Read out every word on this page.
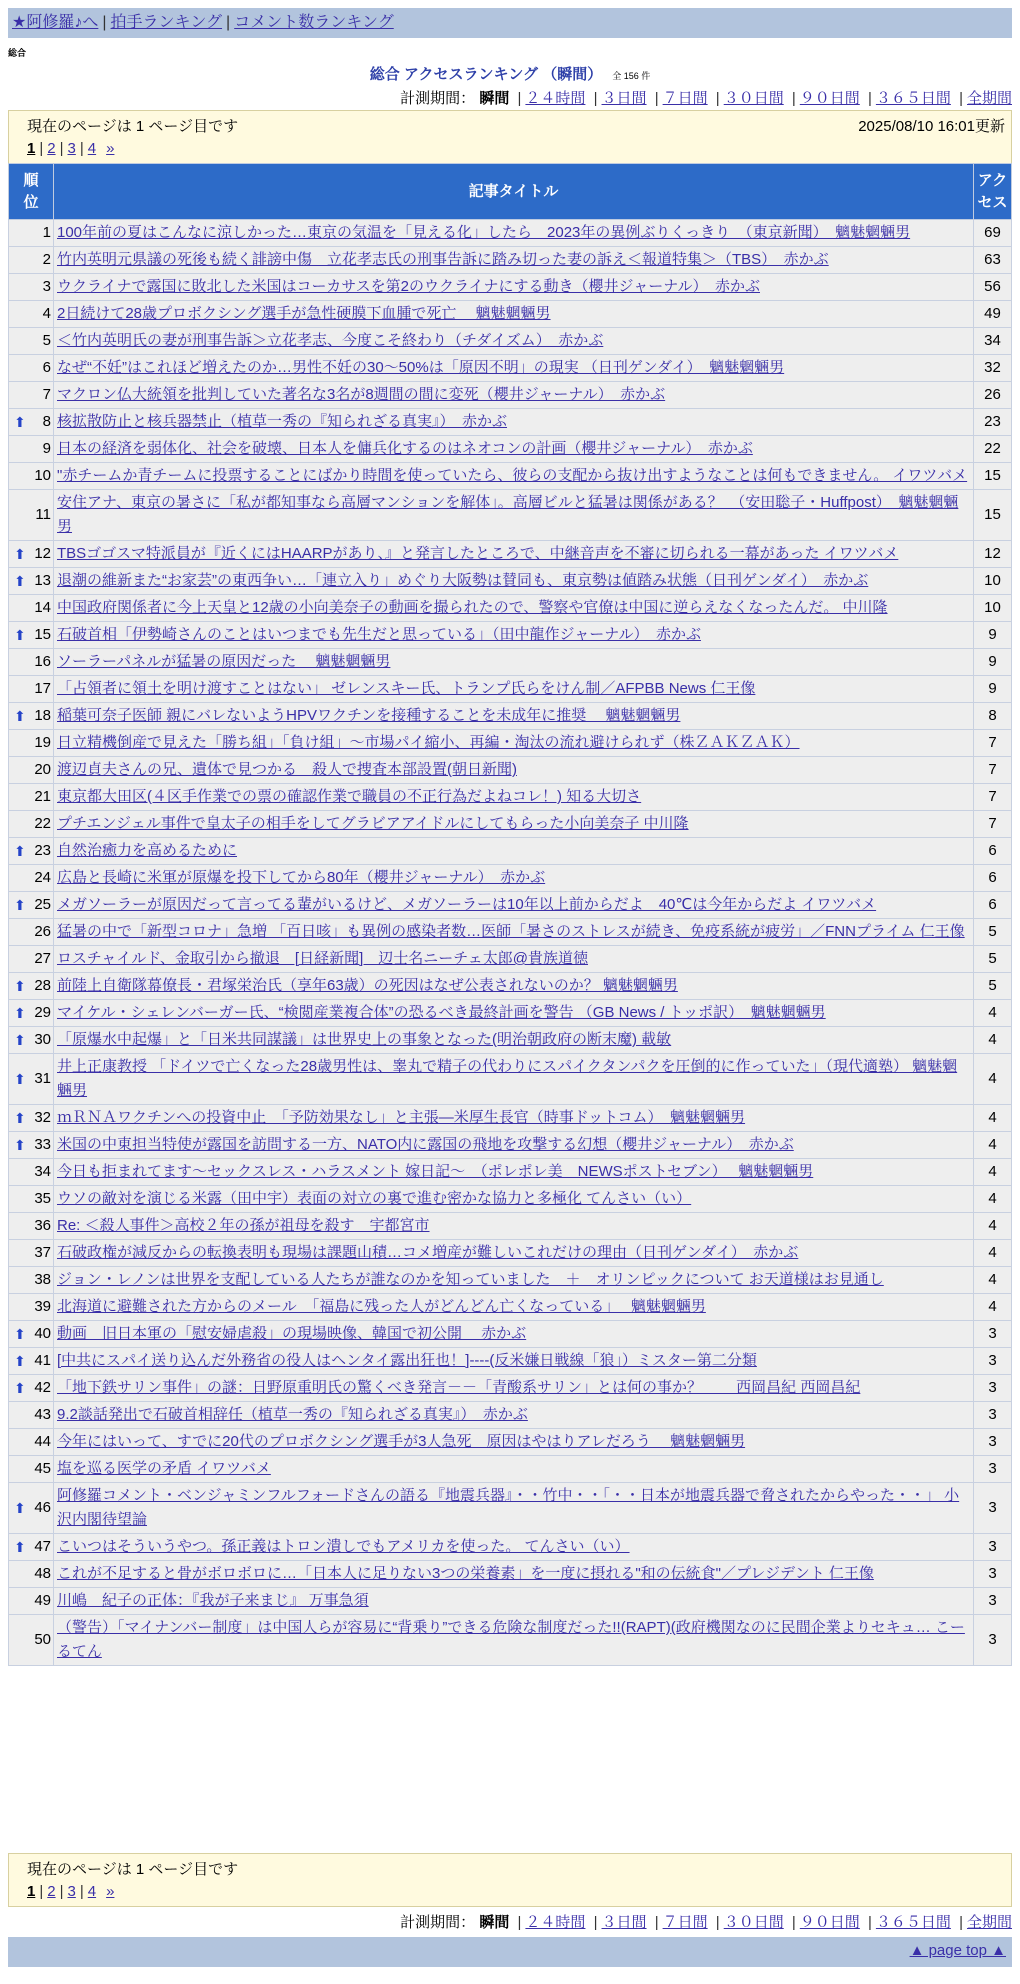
★阿修羅♪へ | 拍手ランキング | コメント数ランキング
総合
総合 アクセスランキング （瞬間） 全 156 件
計測期間： 瞬間 | ２４時間 | ３日間 | ７日間 | ３０日間 | ９０日間 | ３６５日間 | 全期間
現在のページは 1 ページ目です	2025/08/10 16:01更新
1 | 2 | 3 | 4 »
順位	記事タイトル	アクセス
1	100年前の夏はこんなに涼しかった…東京の気温を「見える化」したら　2023年の異例ぶりくっきり　（東京新聞）　魑魅魍魎男	69
2	竹内英明元県議の死後も続く誹謗中傷　立花孝志氏の刑事告訴に踏み切った妻の訴え＜報道特集＞（TBS）　赤かぶ	63
3	ウクライナで露国に敗北した米国はコーカサスを第2のウクライナにする動き（櫻井ジャーナル）　赤かぶ	56
4	2日続けて28歳プロボクシング選手が急性硬膜下血腫で死亡　 魑魅魍魎男	49
5	＜竹内英明氏の妻が刑事告訴＞立花孝志、今度こそ終わり（チダイズム）　赤かぶ	34
6	なぜ“不妊”はこれほど増えたのか…男性不妊の30～50%は「原因不明」の現実 （日刊ゲンダイ）　魑魅魍魎男	32
7	マクロン仏大統領を批判していた著名な3名が8週間の間に変死（櫻井ジャーナル）　赤かぶ	26

⬆ 8	核拡散防止と核兵器禁止（植草一秀の『知られざる真実』）　赤かぶ	23
9	日本の経済を弱体化、社会を破壊、日本人を傭兵化するのはネオコンの計画（櫻井ジャーナル）　赤かぶ	22
10	"赤チームか青チームに投票することにばかり時間を使っていたら、彼らの支配から抜け出すようなことは何もできません。 イワツバメ	15
11	安住アナ、東京の暑さに「私が都知事なら高層マンションを解体」。高層ビルと猛暑は関係がある？　（安田聡子・Huffpost）　魑魅魍魎男	15

⬆ 12	TBSゴゴスマ特派員が『近くにはHAARPがあり、』と発言したところで、中継音声を不審に切られる一幕があった イワツバメ	12

⬆ 13	退潮の維新また“お家芸”の東西争い…「連立入り」めぐり大阪勢は賛同も、東京勢は値踏み状態（日刊ゲンダイ）　赤かぶ	10
14	中国政府関係者に今上天皇と12歳の小向美奈子の動画を撮られたので、警察や官僚は中国に逆らえなくなったんだ。 中川隆	10

⬆ 15	石破首相「伊勢崎さんのことはいつまでも先生だと思っている」（田中龍作ジャーナル）　赤かぶ	9
16	ソーラーパネルが猛暑の原因だった　 魑魅魍魎男	9
17	「占領者に領土を明け渡すことはない」 ゼレンスキー氏、トランプ氏らをけん制／AFPBB News 仁王像	9

⬆ 18	稲葉可奈子医師 親にバレないようHPVワクチンを接種することを未成年に推奨　 魑魅魍魎男	8
19	日立精機倒産で見えた「勝ち組」「負け組」～市場パイ縮小、再編・淘汰の流れ避けられず（株ＺＡＫＺＡＫ）	7
20	渡辺貞夫さんの兄、遺体で見つかる　殺人で捜査本部設置(朝日新聞)	7
21	東京都大田区(４区手作業での票の確認作業で職員の不正行為だよねコレ！) 知る大切さ	7
22	プチエンジェル事件で皇太子の相手をしてグラビアアイドルにしてもらった小向美奈子 中川隆	7

⬆ 23	自然治癒力を高めるために	6
24	広島と長崎に米軍が原爆を投下してから80年（櫻井ジャーナル）　赤かぶ	6

⬆ 25	メガソーラーが原因だって言ってる輩がいるけど、メガソーラーは10年以上前からだよ　40℃は今年からだよ イワツバメ	6
26	猛暑の中で「新型コロナ」急増 「百日咳」も異例の感染者数…医師「暑さのストレスが続き、免疫系統が疲労」／FNNプライム 仁王像	5
27	ロスチャイルド、金取引から撤退　[日経新聞]　辺士名ニーチェ太郎@貴族道徳	5

⬆ 28	前陸上自衛隊幕僚長・君塚栄治氏（享年63歳）の死因はなぜ公表されないのか？ 魑魅魍魎男	5

⬆ 29	マイケル・シェレンバーガー氏、“検閲産業複合体”の恐るべき最終計画を警告 （GB News / トッポ訳）　魑魅魍魎男	4

⬆ 30	「原爆水中起爆」と「日米共同謀議」は世界史上の事象となった(明治朝政府の断末魔) 載敏	4

⬆ 31	井上正康教授 「ドイツで亡くなった28歳男性は、睾丸で精子の代わりにスパイクタンパクを圧倒的に作っていた」（現代適塾） 魑魅魍魎男	4

⬆ 32	ｍＲＮＡワクチンへの投資中止　「予防効果なし」と主張―米厚生長官（時事ドットコム）　魑魅魍魎男	4

⬆ 33	米国の中東担当特使が露国を訪問する一方、NATO内に露国の飛地を攻撃する幻想（櫻井ジャーナル）　赤かぶ	4
34	今日も拒まれてます～セックスレス・ハラスメント 嫁日記～　（ポレポレ美　NEWSポストセブン）　 魑魅魍魎男	4
35	ウソの敵対を演じる米露（田中宇）表面の対立の裏で進む密かな協力と多極化 てんさい（い）	4
36	Re: ＜殺人事件＞高校２年の孫が祖母を殺す　宇都宮市	4
37	石破政権が減反からの転換表明も現場は課題山積…コメ増産が難しいこれだけの理由（日刊ゲンダイ）　赤かぶ	4
38	ジョン・レノンは世界を支配している人たちが誰なのかを知っていました　＋　オリンピックについて お天道様はお見通し	4
39	北海道に避難された方からのメール　「福島に残った人がどんどん亡くなっている」　 魑魅魍魎男	4

⬆ 40	動画　旧日本軍の「慰安婦虐殺」の現場映像、韓国で初公開　 赤かぶ	3

⬆ 41	[中共にスパイ送り込んだ外務省の役人はヘンタイ露出狂也！]----(反米嫌日戦線「狼」）ミスター第二分類	3

⬆ 42	「地下鉄サリン事件」の謎：日野原重明氏の驚くべき発言－－「青酸系サリン」とは何の事か？　　 西岡昌紀 西岡昌紀	3
43	9.2談話発出で石破首相辞任（植草一秀の『知られざる真実』）　赤かぶ	3
44	今年にはいって、すでに20代のプロボクシング選手が3人急死　原因はやはりアレだろう　 魑魅魍魎男	3
45	塩を巡る医学の矛盾 イワツバメ	3

⬆ 46	阿修羅コメント・ベンジャミンフルフォードさんの語る『地震兵器』・・竹中・・「・・日本が地震兵器で脅されたからやった・・」 小沢内閣待望論	3

⬆ 47	こいつはそういうやつ。孫正義はトロン潰しでもアメリカを使った。 てんさい（い）	3
48	これが不足すると骨がボロボロに…「日本人に足りない3つの栄養素」を一度に摂れる"和の伝統食"／プレジデント 仁王像	3
49	川嶋　紀子の正体：『我が子来まじ』 万事急須	3
50	（警告）「マイナンバー制度」は中国人らが容易に“背乗り”できる危険な制度だった!!(RAPT)(政府機関なのに民間企業よりセキュ… こーるてん	3
現在のページは 1 ページ目です
1 | 2 | 3 | 4 »
計測期間： 瞬間 | ２４時間 | ３日間 | ７日間 | ３０日間 | ９０日間 | ３６５日間 | 全期間
▲ page top ▲
